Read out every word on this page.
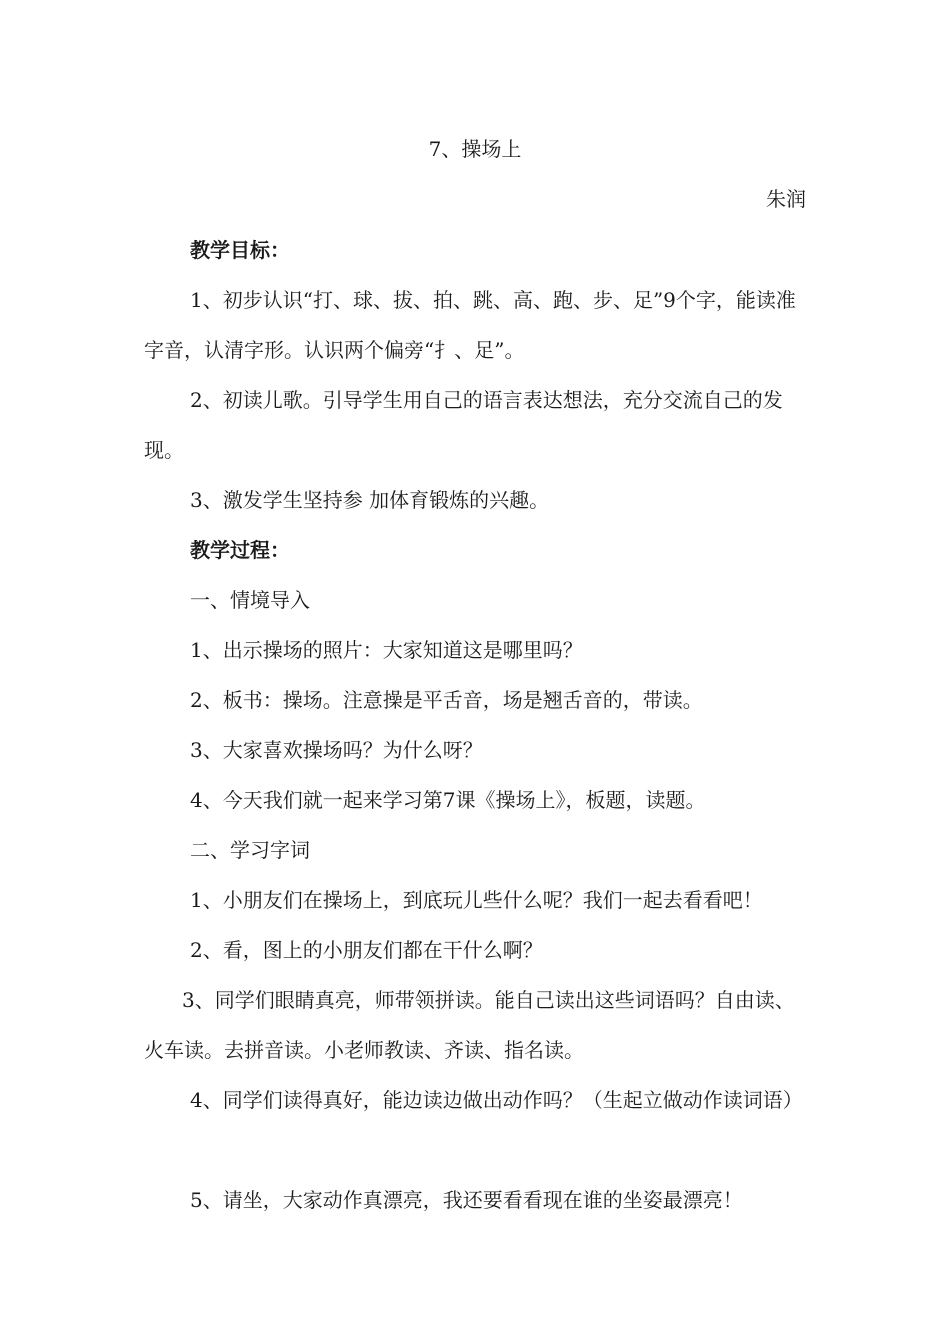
7、操场上
朱润
教学目标：
1、初步认识“打、球、拔、拍、跳、高、跑、步、足”9个字，能读准字音，认清字形。认识两个偏旁“扌、足”。
2、初读儿歌。引导学生用自己的语言表达想法，充分交流自己的发现。
3、激发学生坚持参 加体育锻炼的兴趣。
教学过程：
一、情境导入
1、出示操场的照片：大家知道这是哪里吗？
2、板书：操场。注意操是平舌音，场是翘舌音的，带读。
3、大家喜欢操场吗？为什么呀？
4、今天我们就一起来学习第7课《操场上》，板题，读题。
二、学习字词
1、小朋友们在操场上，到底玩儿些什么呢？我们一起去看看吧！
2、看，图上的小朋友们都在干什么啊？
3、同学们眼睛真亮，师带领拼读。能自己读出这些词语吗？自由读、火车读。去拼音读。小老师教读、齐读、指名读。
4、同学们读得真好，能边读边做出动作吗？（生起立做动作读词语）
5、请坐，大家动作真漂亮，我还要看看现在谁的坐姿最漂亮！
